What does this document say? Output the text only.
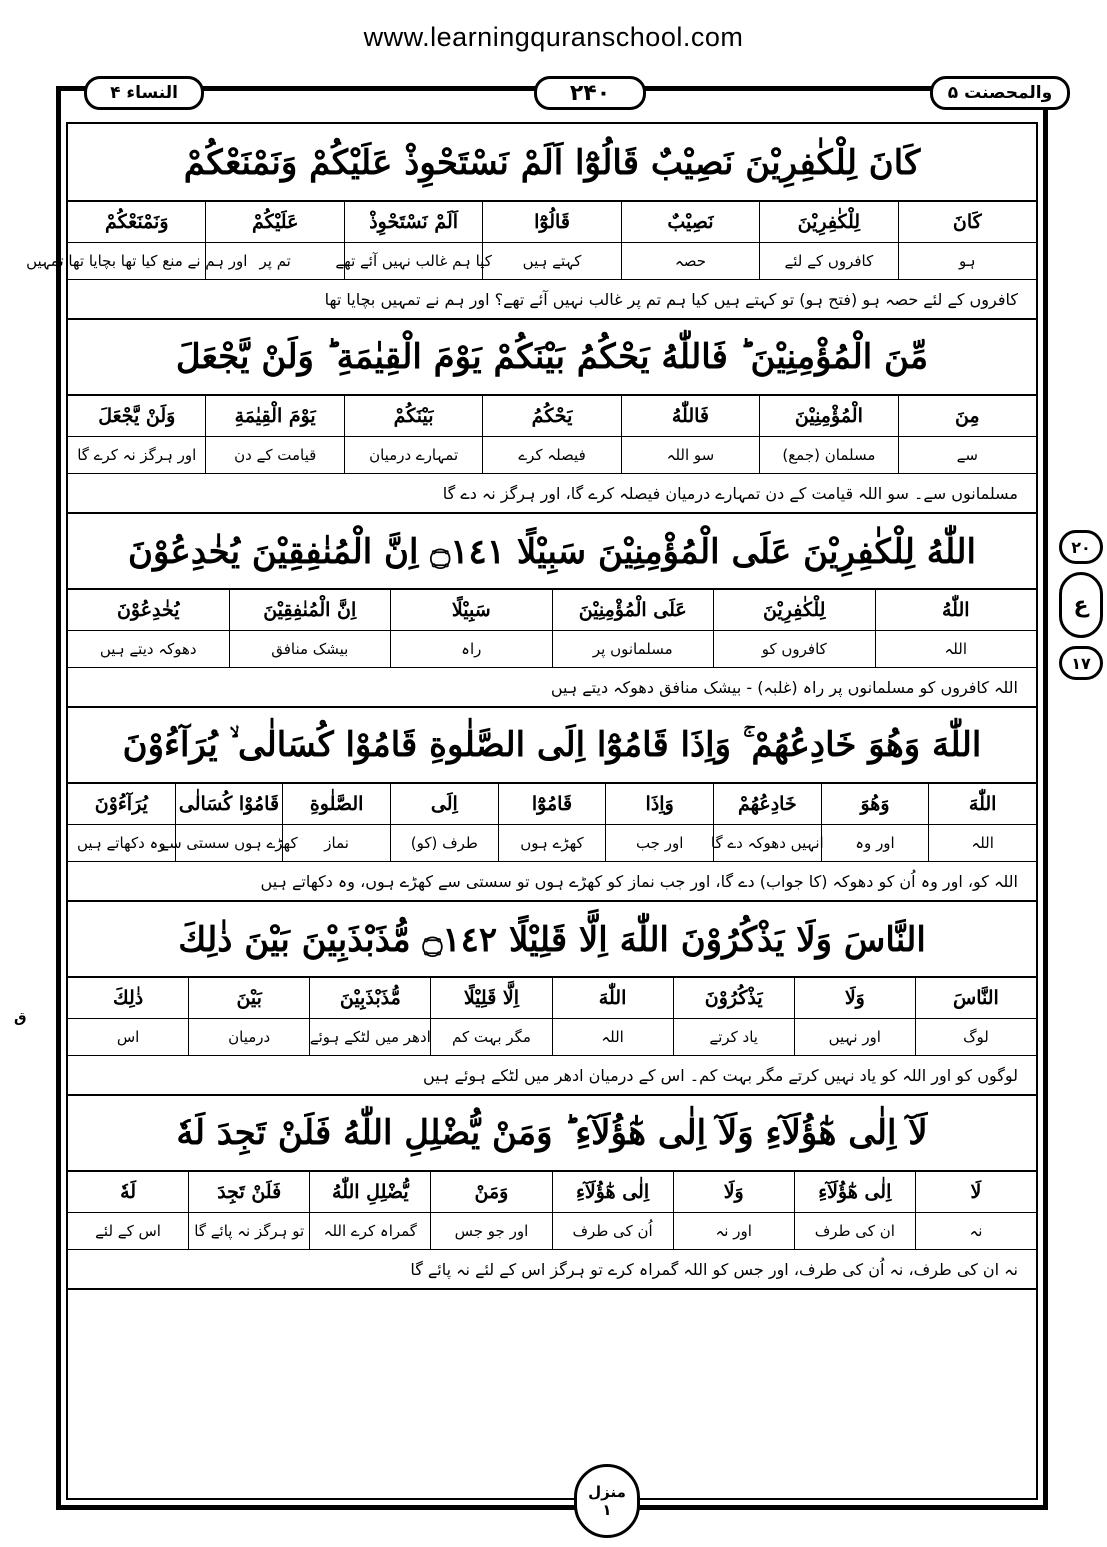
www.learningquranschool.com
النساء ۴	۲۴۰	والمحصنت ۵
كَانَ لِلْكٰفِرِيْنَ نَصِيْبٌ قَالُوْٓا اَلَمْ نَسْتَحْوِذْ عَلَيْكُمْ وَنَمْنَعْكُمْ
كَانَ
لِلْكٰفِرِيْنَ
نَصِيْبٌ
قَالُوْٓا
اَلَمْ نَسْتَحْوِذْ
عَلَيْكُمْ
وَنَمْنَعْكُمْ
ہو
کافروں کے لئے
حصہ
کہتے ہیں
کیا ہم غالب نہیں آئے تھے
تم پر
اور ہم نے منع کیا تھا بچایا تھا تمہیں
کافروں کے لئے حصہ ہو (فتح ہو) تو کہتے ہیں کیا ہم تم پر غالب نہیں آئے تھے؟ اور ہم نے تمہیں بچایا تھا
مِّنَ الْمُؤْمِنِيْنَ ؕ فَاللّٰهُ يَحْكُمُ بَيْنَكُمْ يَوْمَ الْقِيٰمَةِ ؕ وَلَنْ يَّجْعَلَ
مِنَ
الْمُؤْمِنِيْنَ
فَاللّٰهُ
يَحْكُمُ
بَيْنَكُمْ
يَوْمَ الْقِيٰمَةِ
وَلَنْ يَّجْعَلَ
سے
مسلمان (جمع)
سو اللہ
فیصلہ کرے
تمہارے درمیان
قیامت کے دن
اور ہرگز نہ کرے گا
مسلمانوں سے۔ سو اللہ قیامت کے دن تمہارے درمیان فیصلہ کرے گا، اور ہرگز نہ دے گا
اللّٰهُ لِلْكٰفِرِيْنَ عَلَى الْمُؤْمِنِيْنَ سَبِيْلًا ۝١٤١ اِنَّ الْمُنٰفِقِيْنَ يُخٰدِعُوْنَ
اللّٰهُ
لِلْكٰفِرِيْنَ
عَلَى الْمُؤْمِنِيْنَ
سَبِيْلًا
اِنَّ الْمُنٰفِقِيْنَ
يُخٰدِعُوْنَ
اللہ
کافروں کو
مسلمانوں پر
راہ
بیشک منافق
دھوکہ دیتے ہیں
اللہ کافروں کو مسلمانوں پر راہ (غلبہ) - بیشک منافق دھوکہ دیتے ہیں
اللّٰهَ وَهُوَ خَادِعُهُمْ ۚ وَاِذَا قَامُوْٓا اِلَى الصَّلٰوةِ قَامُوْا كُسَالٰى ۙ يُرَآءُوْنَ
اللّٰهَ
وَهُوَ
خَادِعُهُمْ
وَاِذَا
قَامُوْٓا
اِلَى
الصَّلٰوةِ
قَامُوْا كُسَالٰى
يُرَآءُوْنَ
اللہ
اور وہ
انہیں دھوکہ دے گا
اور جب
کھڑے ہوں
طرف (کو)
نماز
کھڑے ہوں سستی سے
وہ دکھاتے ہیں
اللہ کو، اور وہ اُن کو دھوکہ (کا جواب) دے گا، اور جب نماز کو کھڑے ہوں تو سستی سے کھڑے ہوں، وہ دکھاتے ہیں
النَّاسَ وَلَا يَذْكُرُوْنَ اللّٰهَ اِلَّا قَلِيْلًا ۝١٤٢ مُّذَبْذَبِيْنَ بَيْنَ ذٰلِكَ
النَّاسَ
وَلَا
يَذْكُرُوْنَ
اللّٰهَ
اِلَّا قَلِيْلًا
مُّذَبْذَبِيْنَ
بَيْنَ
ذٰلِكَ
لوگ
اور نہیں
یاد کرتے
اللہ
مگر بہت کم
ادھر میں لٹکے ہوئے
درمیان
اس
لوگوں کو اور اللہ کو یاد نہیں کرتے مگر بہت کم۔ اس کے درمیان ادھر میں لٹکے ہوئے ہیں
لَآ اِلٰى هٰٓؤُلَآءِ وَلَآ اِلٰى هٰٓؤُلَآءِ ؕ وَمَنْ يُّضْلِلِ اللّٰهُ فَلَنْ تَجِدَ لَهٗ
لَا
اِلٰى هٰٓؤُلَآءِ
وَلَا
اِلٰى هٰٓؤُلَآءِ
وَمَنْ
يُّضْلِلِ اللّٰهُ
فَلَنْ تَجِدَ
لَهٗ
نہ
ان کی طرف
اور نہ
اُن کی طرف
اور جو جس
گمراہ کرے اللہ
تو ہرگز نہ پائے گا
اس کے لئے
نہ ان کی طرف، نہ اُن کی طرف، اور جس کو اللہ گمراہ کرے تو ہرگز اس کے لئے نہ پائے گا
۲۰
ع
۱۷
ق
منزل
۱
